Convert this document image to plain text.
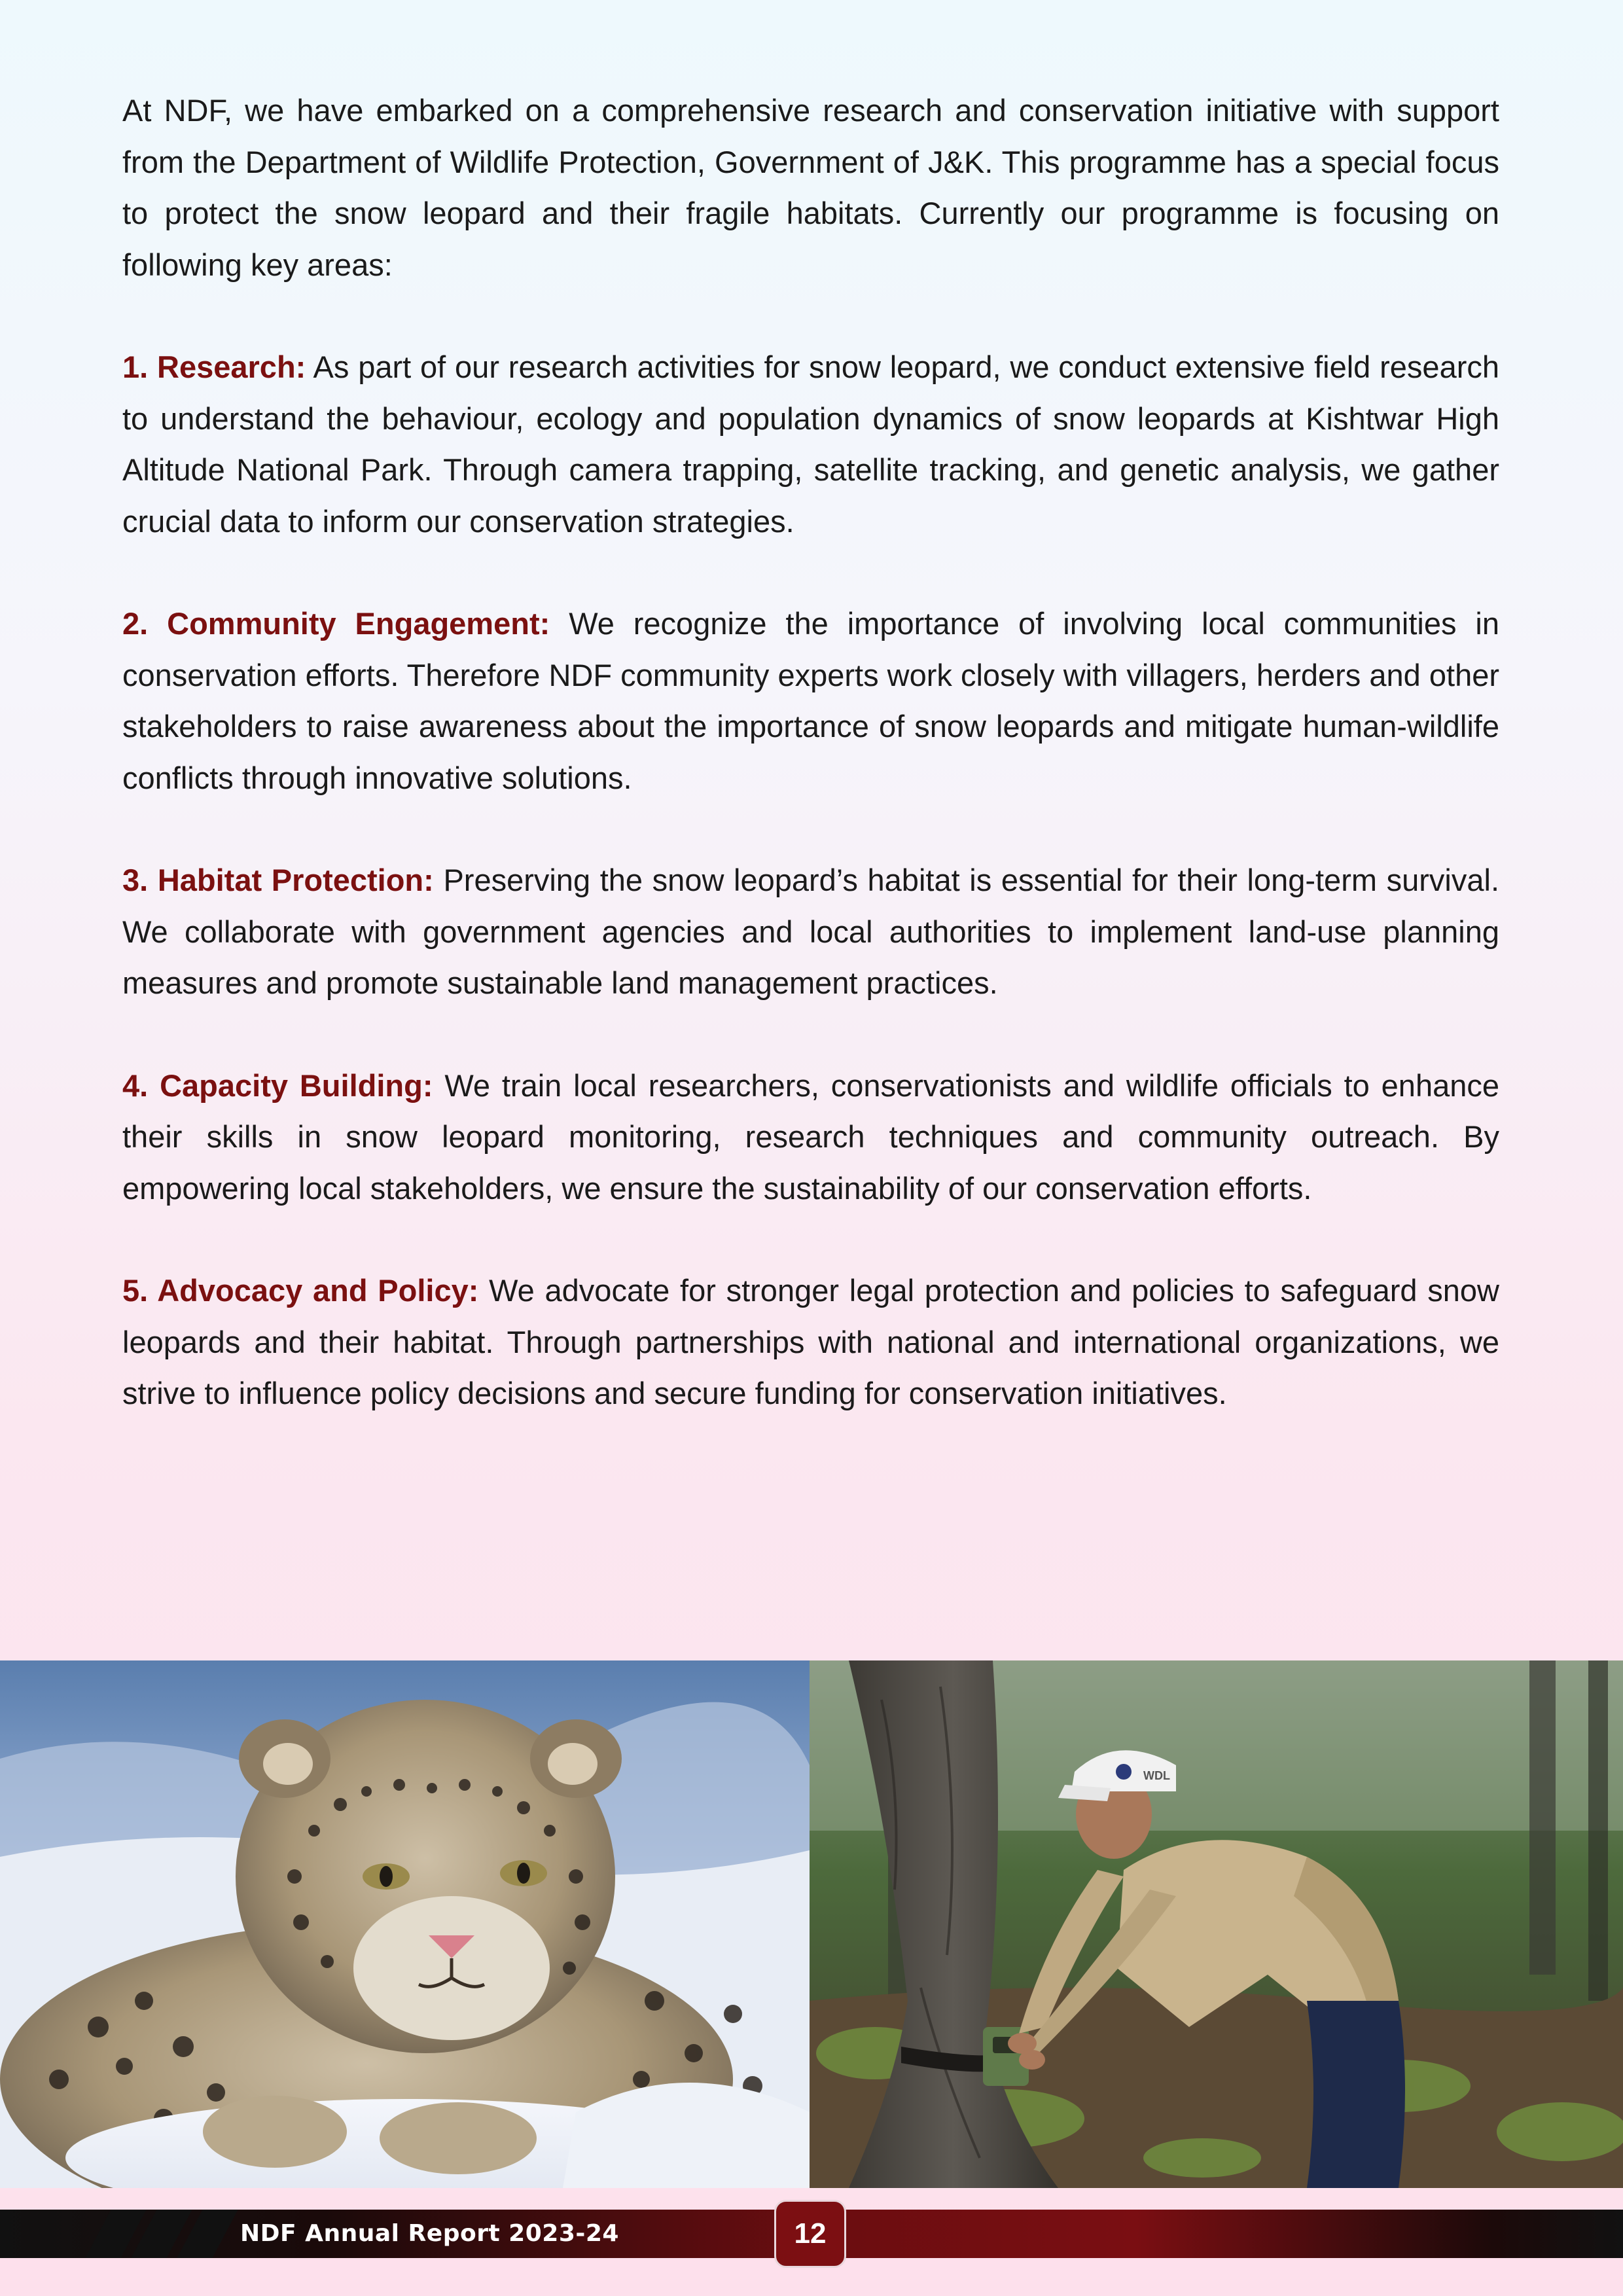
At NDF, we have embarked on a comprehensive research and conservation initiative with support from the Department of Wildlife Protection, Government of J&K. This programme has a special focus to protect the snow leopard and their fragile habitats. Currently our programme is focusing on following key areas:

1. Research: As part of our research activities for snow leopard, we conduct extensive field research to understand the behaviour, ecology and population dynamics of snow leopards at Kishtwar High Altitude National Park. Through camera trapping, satellite tracking, and genetic analysis, we gather crucial data to inform our conservation strategies.

2. Community Engagement: We recognize the importance of involving local communities in conservation efforts. Therefore NDF community experts work closely with villagers, herders and other stakeholders to raise awareness about the importance of snow leopards and mitigate human-wildlife conflicts through innovative solutions.

3. Habitat Protection: Preserving the snow leopard’s habitat is essential for their long-term survival. We collaborate with government agencies and local authorities to implement land-use planning measures and promote sustainable land management practices.

4. Capacity Building: We train local researchers, conservationists and wildlife officials to enhance their skills in snow leopard monitoring, research techniques and community outreach. By empowering local stakeholders, we ensure the sustainability of our conservation efforts.

5. Advocacy and Policy: We advocate for stronger legal protection and policies to safeguard snow leopards and their habitat. Through partnerships with national and international organizations, we strive to influence policy decisions and secure funding for conservation initiatives.

WDL
NDF Annual Report 2023-24	12
